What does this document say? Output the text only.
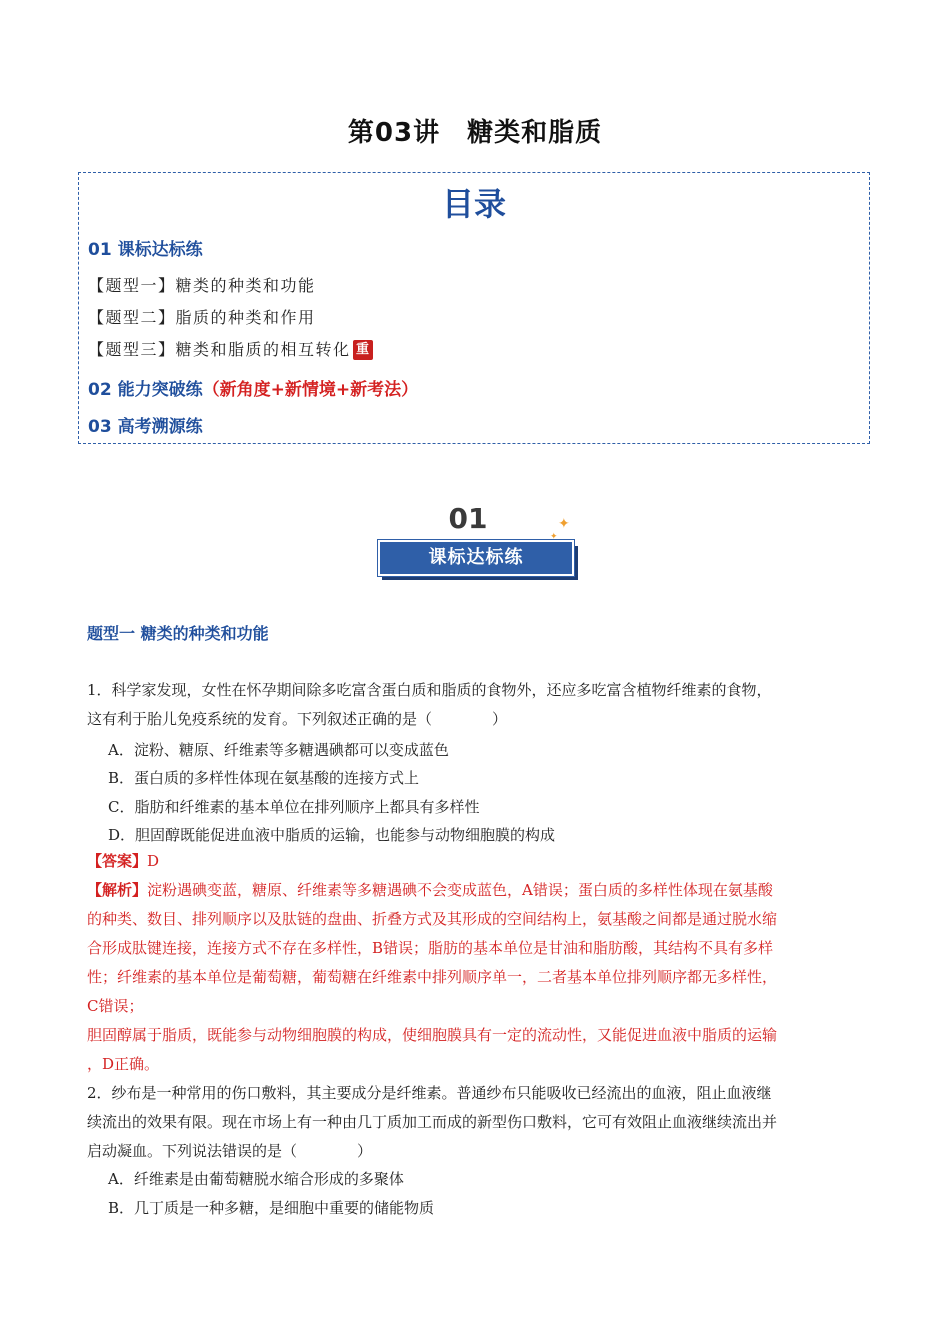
第03讲　糖类和脂质
目录
01 课标达标练
【题型一】糖类的种类和功能
【题型二】脂质的种类和作用
【题型三】糖类和脂质的相互转化 重
02 能力突破练（新角度+新情境+新考法）
03 高考溯源练
01
课标达标练
✦
✦
题型一 糖类的种类和功能
1．科学家发现，女性在怀孕期间除多吃富含蛋白质和脂质的食物外，还应多吃富含植物纤维素的食物，
这有利于胎儿免疫系统的发育。下列叙述正确的是（　　　　）
A．淀粉、糖原、纤维素等多糖遇碘都可以变成蓝色
B．蛋白质的多样性体现在氨基酸的连接方式上
C．脂肪和纤维素的基本单位在排列顺序上都具有多样性
D．胆固醇既能促进血液中脂质的运输，也能参与动物细胞膜的构成
【答案】D
【解析】淀粉遇碘变蓝，糖原、纤维素等多糖遇碘不会变成蓝色，A错误；蛋白质的多样性体现在氨基酸
的种类、数目、排列顺序以及肽链的盘曲、折叠方式及其形成的空间结构上，氨基酸之间都是通过脱水缩
合形成肽键连接，连接方式不存在多样性，B错误；脂肪的基本单位是甘油和脂肪酸，其结构不具有多样
性；纤维素的基本单位是葡萄糖，葡萄糖在纤维素中排列顺序单一，二者基本单位排列顺序都无多样性，
C错误；
胆固醇属于脂质，既能参与动物细胞膜的构成，使细胞膜具有一定的流动性，又能促进血液中脂质的运输
，D正确。
2．纱布是一种常用的伤口敷料，其主要成分是纤维素。普通纱布只能吸收已经流出的血液，阻止血液继
续流出的效果有限。现在市场上有一种由几丁质加工而成的新型伤口敷料，它可有效阻止血液继续流出并
启动凝血。下列说法错误的是（　　　　）
A．纤维素是由葡萄糖脱水缩合形成的多聚体
B．几丁质是一种多糖，是细胞中重要的储能物质
